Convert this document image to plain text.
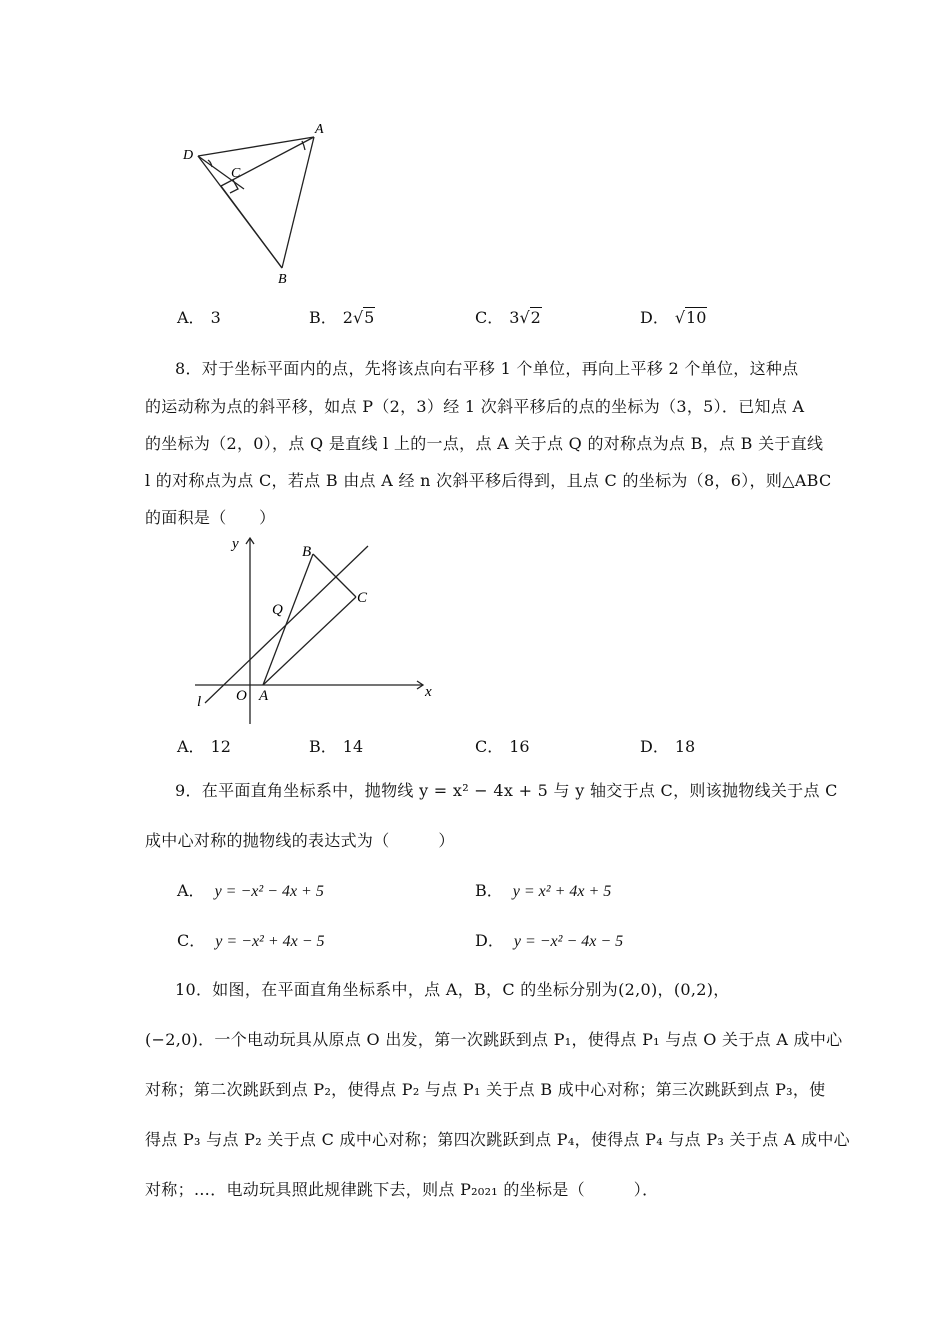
D
A
C
B
A． 3	B． 2√5	C． 3√2	D． √10
8．对于坐标平面内的点，先将该点向右平移 1 个单位，再向上平移 2 个单位，这种点
的运动称为点的斜平移，如点 P（2，3）经 1 次斜平移后的点的坐标为（3，5）．已知点 A
的坐标为（2，0），点 Q 是直线 l 上的一点，点 A 关于点 Q 的对称点为点 B，点 B 关于直线
l 的对称点为点 C，若点 B 由点 A 经 n 次斜平移后得到，且点 C 的坐标为（8，6），则△ABC
的面积是（　　）
y	B
C
Q
O A
l
x
A． 12	B． 14	C． 16	D． 18
9．在平面直角坐标系中，抛物线 y = x² − 4x + 5 与 y 轴交于点 C，则该抛物线关于点 C
成中心对称的抛物线的表达式为（　　　）
A． y = −x² − 4x + 5	B． y = x² + 4x + 5
C． y = −x² + 4x − 5	D． y = −x² − 4x − 5
10．如图，在平面直角坐标系中，点 A，B，C 的坐标分别为(2,0)，(0,2)，
(−2,0)．一个电动玩具从原点 O 出发，第一次跳跃到点 P₁，使得点 P₁ 与点 O 关于点 A 成中心
对称；第二次跳跃到点 P₂，使得点 P₂ 与点 P₁ 关于点 B 成中心对称；第三次跳跃到点 P₃，使
得点 P₃ 与点 P₂ 关于点 C 成中心对称；第四次跳跃到点 P₄，使得点 P₄ 与点 P₃ 关于点 A 成中心
对称；…．电动玩具照此规律跳下去，则点 P₂₀₂₁ 的坐标是（　　　）．
